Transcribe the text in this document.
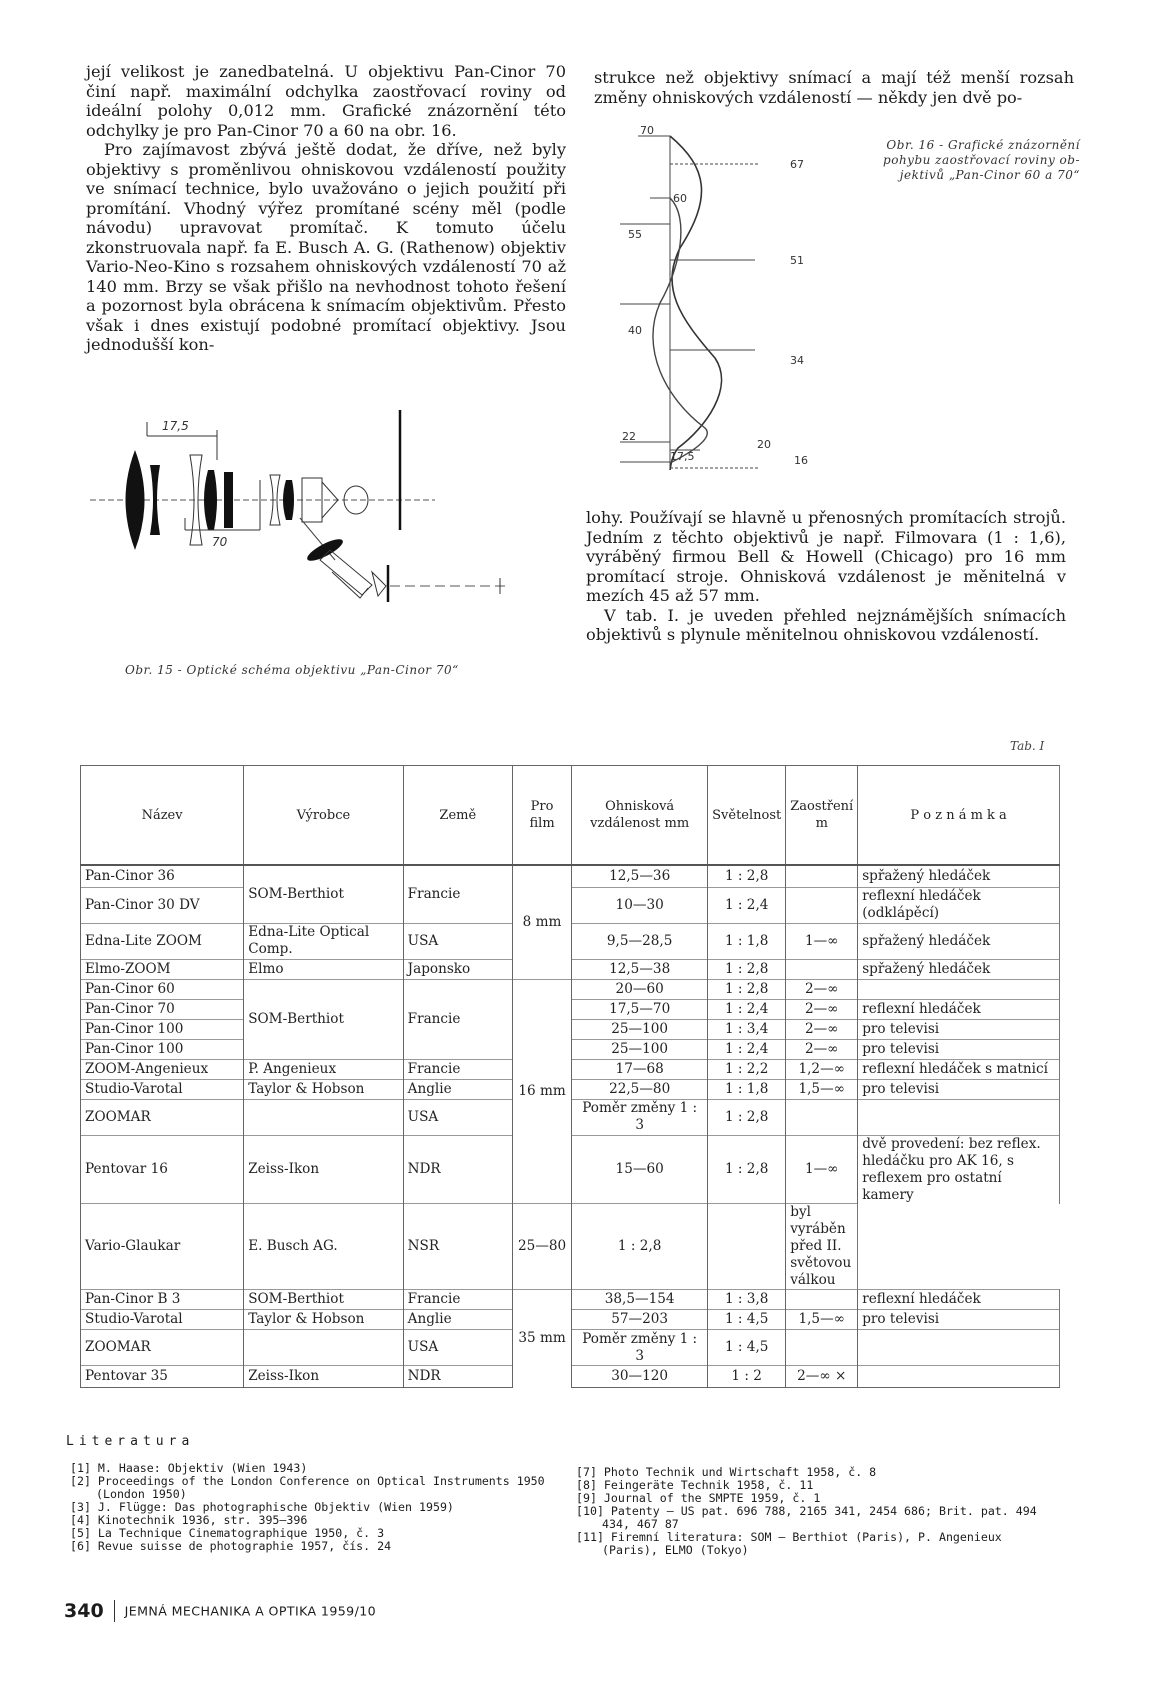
její velikost je zanedbatelná. U objektivu Pan-Cinor 70 činí např. maximální odchylka zaostřovací roviny od ideální polohy 0,012 mm. Grafické znázornění této odchylky je pro Pan-Cinor 70 a 60 na obr. 16.

Pro zajímavost zbývá ještě dodat, že dříve, než byly objektivy s proměnlivou ohniskovou vzdáleností použity ve snímací technice, bylo uvažováno o jejich použití při promítání. Vhodný výřez promítané scény měl (podle návodu) upravovat promítač. K tomuto účelu zkonstruovala např. fa E. Busch A. G. (Rathenow) objektiv Vario-Neo-Kino s rozsahem ohniskových vzdáleností 70 až 140 mm. Brzy se však přišlo na nevhodnost tohoto řešení a pozornost byla obrácena k snímacím objektivům. Přesto však i dnes existují podobné promítací objektivy. Jsou jednodušší kon-

strukce než objektivy snímací a mají též menší rozsah změny ohniskových vzdáleností — někdy jen dvě po-

70
67
60
55
51
40
34
22
20
17,5	16
Obr. 16 - Grafické znázornění
pohybu zaostřovací roviny ob-
jektivů „Pan-Cinor 60 a 70“

lohy. Používají se hlavně u přenosných promítacích strojů. Jedním z těchto objektivů je např. Filmovara (1 : 1,6), vyráběný firmou Bell & Howell (Chicago) pro 16 mm promítací stroje. Ohnisková vzdálenost je měnitelná v mezích 45 až 57 mm.

V tab. I. je uveden přehled nejznámějších snímacích objektivů s plynule měnitelnou ohniskovou vzdáleností.

17,5
70
Obr. 15 - Optické schéma objektivu „Pan-Cinor 70“
Tab. I
Název	Výrobce	Země	Pro film	Ohnisková vzdálenost mm	Světelnost	Zaostření m	P o z n á m k a
Pan-Cinor 36	SOM-Berthiot	Francie	8 mm	12,5—36	1 : 2,8		spřažený hledáček
Pan-Cinor 30 DV				10—30	1 : 2,4		reflexní hledáček (odklápěcí)
Edna-Lite ZOOM	Edna-Lite Optical Comp.	USA		9,5—28,5	1 : 1,8	1—∞	spřažený hledáček
Elmo-ZOOM	Elmo	Japonsko		12,5—38	1 : 2,8		spřažený hledáček
Pan-Cinor 60	SOM-Berthiot	Francie	16 mm	20—60	1 : 2,8	2—∞	
Pan-Cinor 70				17,5—70	1 : 2,4	2—∞	reflexní hledáček
Pan-Cinor 100				25—100	1 : 3,4	2—∞	pro televisi
Pan-Cinor 100				25—100	1 : 2,4	2—∞	pro televisi
ZOOM-Angenieux	P. Angenieux	Francie		17—68	1 : 2,2	1,2—∞	reflexní hledáček s matnicí
Studio-Varotal	Taylor & Hobson	Anglie		22,5—80	1 : 1,8	1,5—∞	pro televisi
ZOOMAR		USA		Poměr změny 1 : 3	1 : 2,8		
Pentovar 16	Zeiss-Ikon	NDR		15—60	1 : 2,8	1—∞	dvě provedení: bez reflex. hledáčku pro AK 16, s reflexem pro ostatní kamery
Vario-Glaukar	E. Busch AG.	NSR	25—80	1 : 2,8		byl vyráběn před II. světovou válkou	
Pan-Cinor B 3	SOM-Berthiot	Francie	35 mm	38,5—154	1 : 3,8		reflexní hledáček
Studio-Varotal	Taylor & Hobson	Anglie		57—203	1 : 4,5	1,5—∞	pro televisi
ZOOMAR		USA		Poměr změny 1 : 3	1 : 4,5		
Pentovar 35	Zeiss-Ikon	NDR		30—120	1 : 2	2—∞ ×	
Literatura
[1] M. Haase: Objektiv (Wien 1943)
[2] Proceedings of the London Conference on Optical Instruments 1950 (London 1950)
[3] J. Flügge: Das photographische Objektiv (Wien 1959)
[4] Kinotechnik 1936, str. 395—396
[5] La Technique Cinematographique 1950, č. 3
[6] Revue suisse de photographie 1957, čís. 24
[7] Photo Technik und Wirtschaft 1958, č. 8
[8] Feingeräte Technik 1958, č. 11
[9] Journal of the SMPTE 1959, č. 1
[10] Patenty — US pat. 696 788, 2165 341, 2454 686; Brit. pat. 494 434, 467 87
[11] Firemní literatura: SOM — Berthiot (Paris), P. Angenieux (Paris), ELMO (Tokyo)
340 JEMNÁ MECHANIKA A OPTIKA 1959/10
